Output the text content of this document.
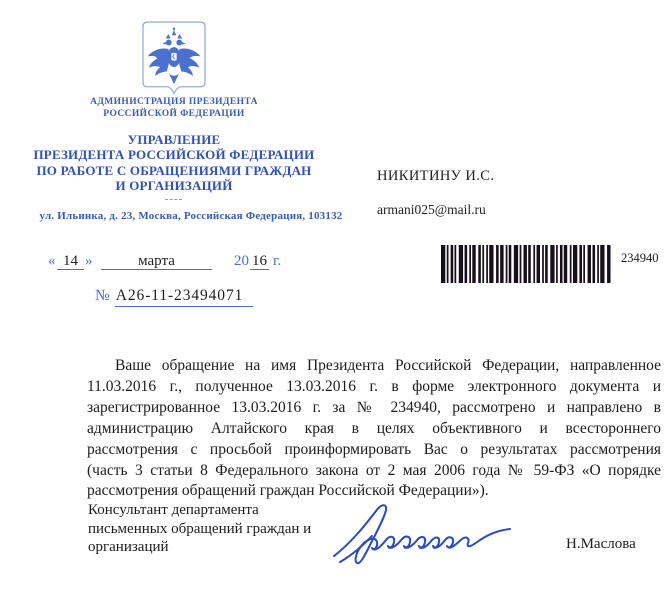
АДМИНИСТРАЦИЯ ПРЕЗИДЕНТА
РОССИЙСКОЙ ФЕДЕРАЦИИ
УПРАВЛЕНИЕ
ПРЕЗИДЕНТА РОССИЙСКОЙ ФЕДЕРАЦИИ
ПО РАБОТЕ С ОБРАЩЕНИЯМИ ГРАЖДАН
И ОРГАНИЗАЦИЙ
ул. Ильинка, д. 23, Москва, Российская Федерация, 103132
НИКИТИНУ И.С.
armani025@mail.ru
« 14 »	марта	20 16 г.
№ А26-11-23494071
234940
Ваше обращение на имя Президента Российской Федерации, направленное
11.03.2016 г., полученное 13.03.2016 г. в форме электронного документа и
зарегистрированное 13.03.2016 г. за № 234940, рассмотрено и направлено в
администрацию Алтайского края в целях объективного и всестороннего
рассмотрения с просьбой проинформировать Вас о результатах рассмотрения
(часть 3 статьи 8 Федерального закона от 2 мая 2006 года № 59-ФЗ «О порядке
рассмотрения обращений граждан Российской Федерации»).
Консультант департамента
письменных обращений граждан и
организаций	Н.Маслова
